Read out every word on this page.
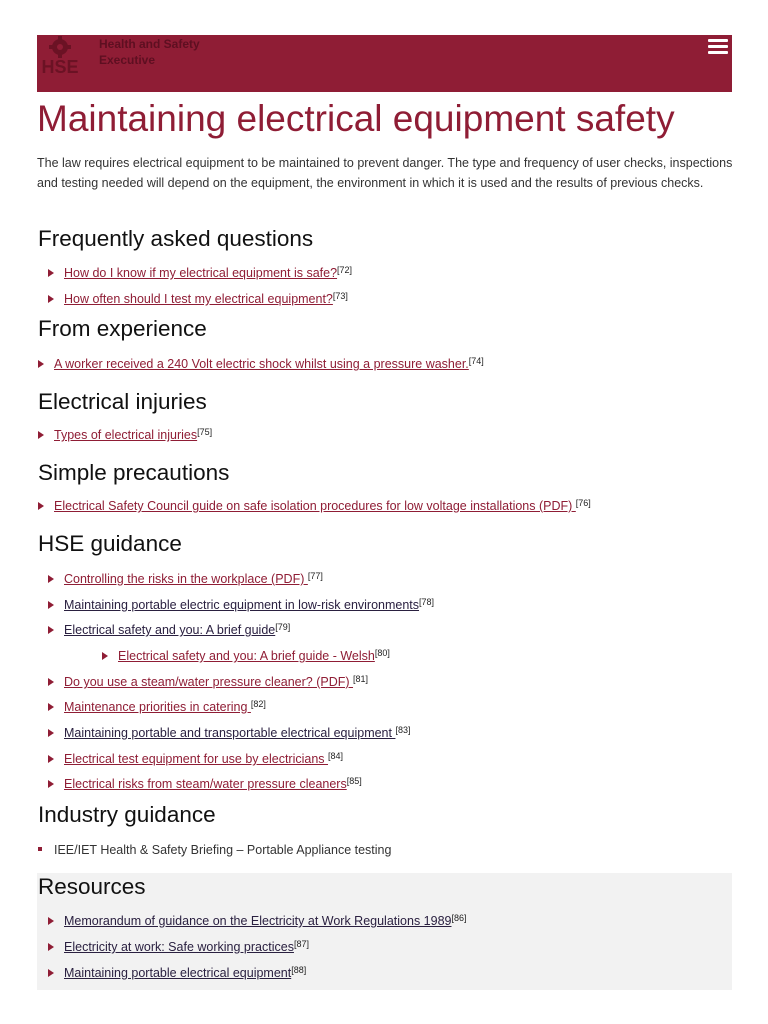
HSE
Health and Safety
Executive
Maintaining electrical equipment safety

The law requires electrical equipment to be maintained to prevent danger. The type and frequency of user checks, inspections and testing needed will depend on the equipment, the environment in which it is used and the results of previous checks.

Frequently asked questions
How do I know if my electrical equipment is safe?[72]
How often should I test my electrical equipment?[73]
From experience
A worker received a 240 Volt electric shock whilst using a pressure washer.[74]
Electrical injuries
Types of electrical injuries[75]
Simple precautions
Electrical Safety Council guide on safe isolation procedures for low voltage installations (PDF) [76]
HSE guidance
Controlling the risks in the workplace (PDF) [77]
Maintaining portable electric equipment in low-risk environments[78]
Electrical safety and you: A brief guide[79]
Electrical safety and you: A brief guide - Welsh[80]
Do you use a steam/water pressure cleaner? (PDF) [81]
Maintenance priorities in catering [82]
Maintaining portable and transportable electrical equipment [83]
Electrical test equipment for use by electricians [84]
Electrical risks from steam/water pressure cleaners[85]
Industry guidance
IEE/IET Health & Safety Briefing – Portable Appliance testing
Resources
Memorandum of guidance on the Electricity at Work Regulations 1989[86]
Electricity at work: Safe working practices[87]
Maintaining portable electrical equipment[88]
